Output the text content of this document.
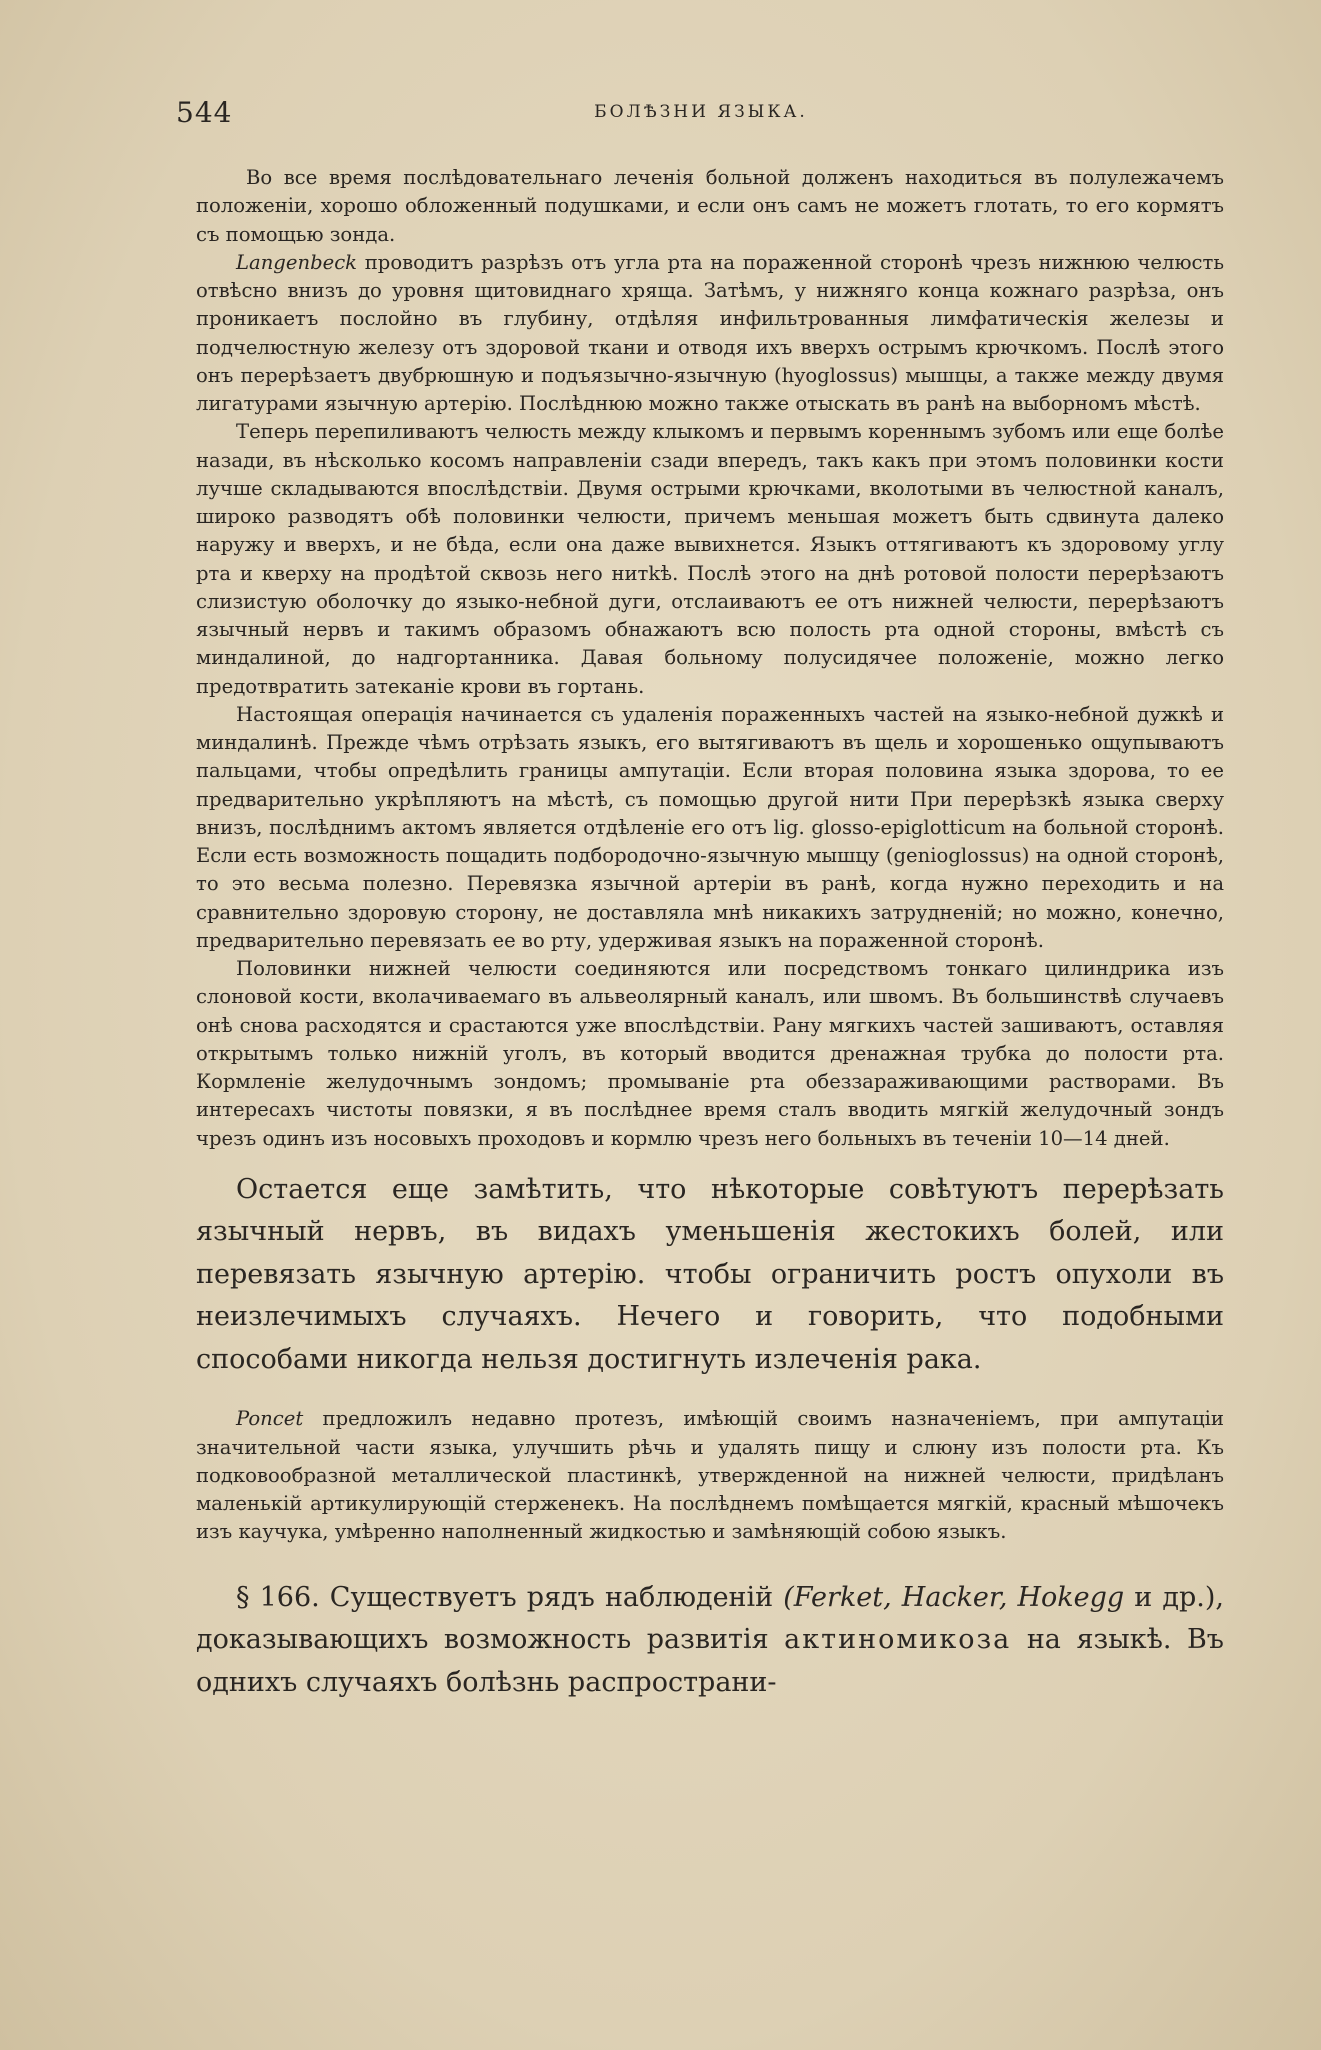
544	БОЛѢЗНИ ЯЗЫКА.

Во все время послѣдовательнаго леченія больной долженъ находиться въ полулежачемъ положеніи, хорошо обложенный подушками, и если онъ самъ не можетъ глотать, то его кормятъ съ помощью зонда.

Langenbeck проводитъ разрѣзъ отъ угла рта на пораженной сторонѣ чрезъ нижнюю челюсть отвѣсно внизъ до уровня щитовиднаго хряща. Затѣмъ, у нижняго конца кожнаго разрѣза, онъ проникаетъ послойно въ глубину, отдѣляя инфильтрованныя лимфатическія железы и подчелюстную железу отъ здоровой ткани и отводя ихъ вверхъ острымъ крючкомъ. Послѣ этого онъ перерѣзаетъ двубрюшную и подъязычно-язычную (hyoglossus) мышцы, а также между двумя лигатурами язычную артерію. Послѣднюю можно также отыскать въ ранѣ на выборномъ мѣстѣ.

Теперь перепиливаютъ челюсть между клыкомъ и первымъ кореннымъ зубомъ или еще болѣе назади, въ нѣсколько косомъ направленіи сзади впередъ, такъ какъ при этомъ половинки кости лучше складываются впослѣдствіи. Двумя острыми крючками, вколотыми въ челюстной каналъ, широко разводятъ обѣ половинки челюсти, причемъ меньшая можетъ быть сдвинута далеко наружу и вверхъ, и не бѣда, если она даже вывихнется. Языкъ оттягиваютъ къ здоровому углу рта и кверху на продѣтой сквозь него нитkѣ. Послѣ этого на днѣ ротовой полости перерѣзаютъ слизистую оболочку до языко-небной дуги, отслаиваютъ ее отъ нижней челюсти, перерѣзаютъ язычный нервъ и такимъ образомъ обнажаютъ всю полость рта одной стороны, вмѣстѣ съ миндалиной, до надгортанника. Давая больному полусидячее положеніе, можно легко предотвратить затеканіе крови въ гортань.

Настоящая операція начинается съ удаленія пораженныхъ частей на языко-небной дужкѣ и миндалинѣ. Прежде чѣмъ отрѣзать языкъ, его вытягиваютъ въ щель и хорошенько ощупываютъ пальцами, чтобы опредѣлить границы ампутаціи. Если вторая половина языка здорова, то ее предварительно укрѣпляютъ на мѣстѣ, съ помощью другой нити При перерѣзкѣ языка сверху внизъ, послѣднимъ актомъ является отдѣленіе его отъ lig. glosso-epiglotticum на больной сторонѣ. Если есть возможность пощадить подбородочно-язычную мышцу (genioglossus) на одной сторонѣ, то это весьма полезно. Перевязка язычной артеріи въ ранѣ, когда нужно переходить и на сравнительно здоровую сторону, не доставляла мнѣ никакихъ затрудненій; но можно, конечно, предварительно перевязать ее во рту, удерживая языкъ на пораженной сторонѣ.

Половинки нижней челюсти соединяются или посредствомъ тонкаго цилиндрика изъ слоновой кости, вколачиваемаго въ альвеолярный каналъ, или швомъ. Въ большинствѣ случаевъ онѣ снова расходятся и срастаются уже впослѣдствіи. Рану мягкихъ частей зашиваютъ, оставляя открытымъ только нижній уголъ, въ который вводится дренажная трубка до полости рта. Кормленіе желудочнымъ зондомъ; промываніе рта обеззараживающими растворами. Въ интересахъ чистоты повязки, я въ послѣднее время сталъ вводить мягкій желудочный зондъ чрезъ одинъ изъ носовыхъ проходовъ и кормлю чрезъ него больныхъ въ теченіи 10—14 дней.

Остается еще замѣтить, что нѣкоторые совѣтуютъ перерѣзать язычный нервъ, въ видахъ уменьшенія жестокихъ болей, или перевязать язычную артерію. чтобы ограничить ростъ опухоли въ неизлечимыхъ случаяхъ. Нечего и говорить, что подобными способами никогда нельзя достигнуть излеченія рака.

Poncet предложилъ недавно протезъ, имѣющій своимъ назначеніемъ, при ампутаціи значительной части языка, улучшить рѣчь и удалять пищу и слюну изъ полости рта. Къ подковообразной металлической пластинкѣ, утвержденной на нижней челюсти, придѣланъ маленькій артикулирующій стерженекъ. На послѣднемъ помѣщается мягкій, красный мѣшочекъ изъ каучука, умѣренно наполненный жидкостью и замѣняющій собою языкъ.

§ 166. Существуетъ рядъ наблюденій (Ferket, Hacker, Hokegg и др.), доказывающихъ возможность развитія актиномикоза на языкѣ. Въ однихъ случаяхъ болѣзнь распространи-
